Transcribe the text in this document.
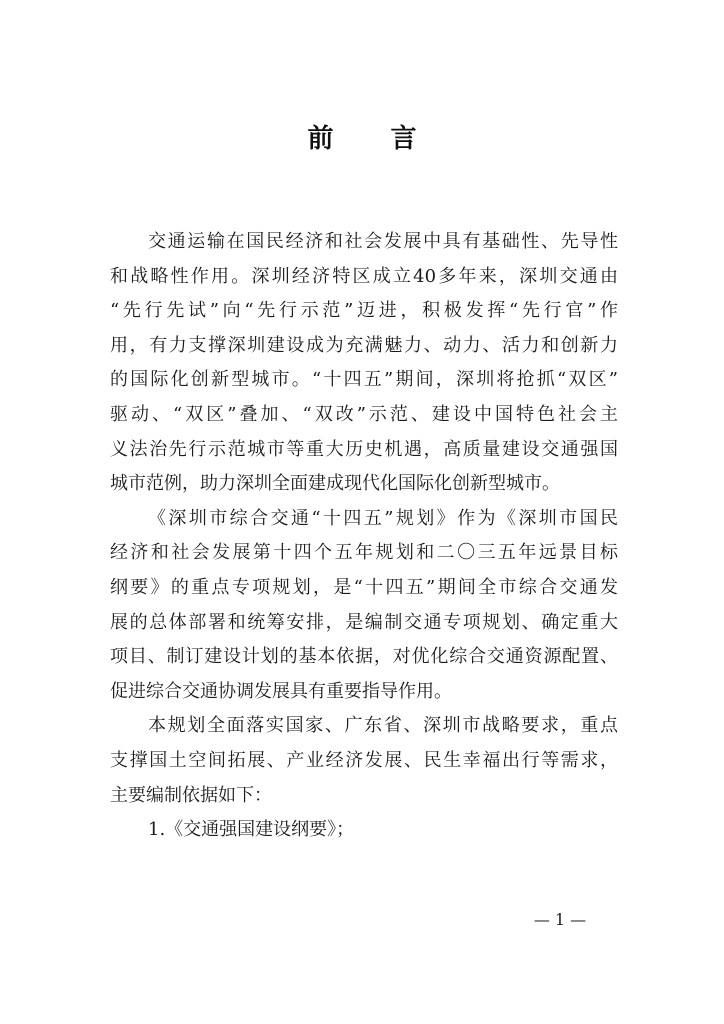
前 言
交通运输在国民经济和社会发展中具有基础性、先导性
和战略性作用。深圳经济特区成立40多年来，深圳交通由
“先行先试”向“先行示范”迈进，积极发挥“先行官”作
用，有力支撑深圳建设成为充满魅力、动力、活力和创新力
的国际化创新型城市。“十四五”期间，深圳将抢抓“双区”
驱动、“双区”叠加、“双改”示范、建设中国特色社会主
义法治先行示范城市等重大历史机遇，高质量建设交通强国
城市范例，助力深圳全面建成现代化国际化创新型城市。
《深圳市综合交通“十四五”规划》作为《深圳市国民
经济和社会发展第十四个五年规划和二〇三五年远景目标
纲要》的重点专项规划，是“十四五”期间全市综合交通发
展的总体部署和统筹安排，是编制交通专项规划、确定重大
项目、制订建设计划的基本依据，对优化综合交通资源配置、
促进综合交通协调发展具有重要指导作用。
本规划全面落实国家、广东省、深圳市战略要求，重点
支撑国土空间拓展、产业经济发展、民生幸福出行等需求，
主要编制依据如下：
1.《交通强国建设纲要》；
— 1 —
